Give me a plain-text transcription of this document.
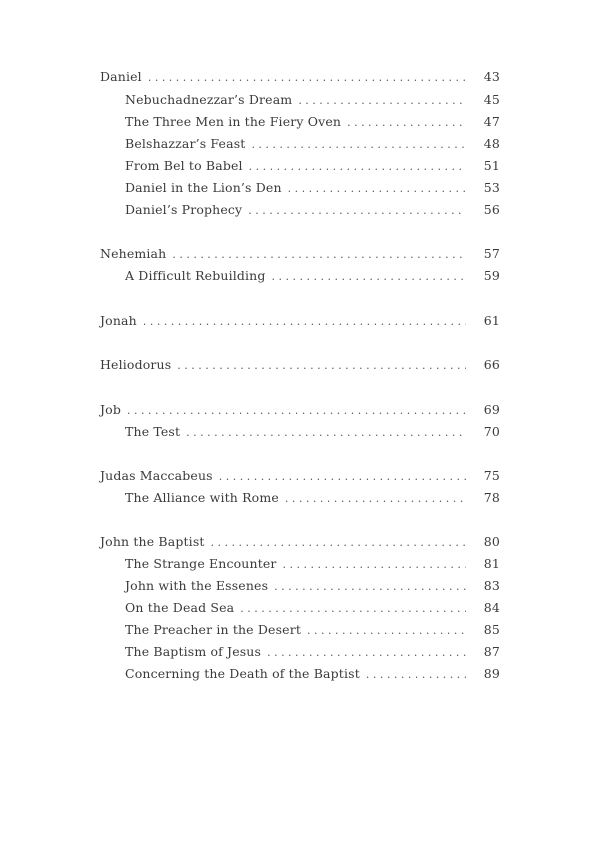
Daniel . . .	43
Nebuchadnezzar’s Dream . . .	45
The Three Men in the Fiery Oven . . .	47
Belshazzar’s Feast . . .	48
From Bel to Babel . . .	51
Daniel in the Lion’s Den . . .	53
Daniel’s Prophecy . . .	56
Nehemiah . . .	57
A Difficult Rebuilding . . .	59
Jonah . . .	61
Heliodorus . . .	66
Job . . .	69
The Test . . .	70
Judas Maccabeus . . .	75
The Alliance with Rome . . .	78
John the Baptist . . .	80
The Strange Encounter . . .	81
John with the Essenes . . .	83
On the Dead Sea . . .	84
The Preacher in the Desert . . .	85
The Baptism of Jesus . . .	87
Concerning the Death of the Baptist . . .	89
